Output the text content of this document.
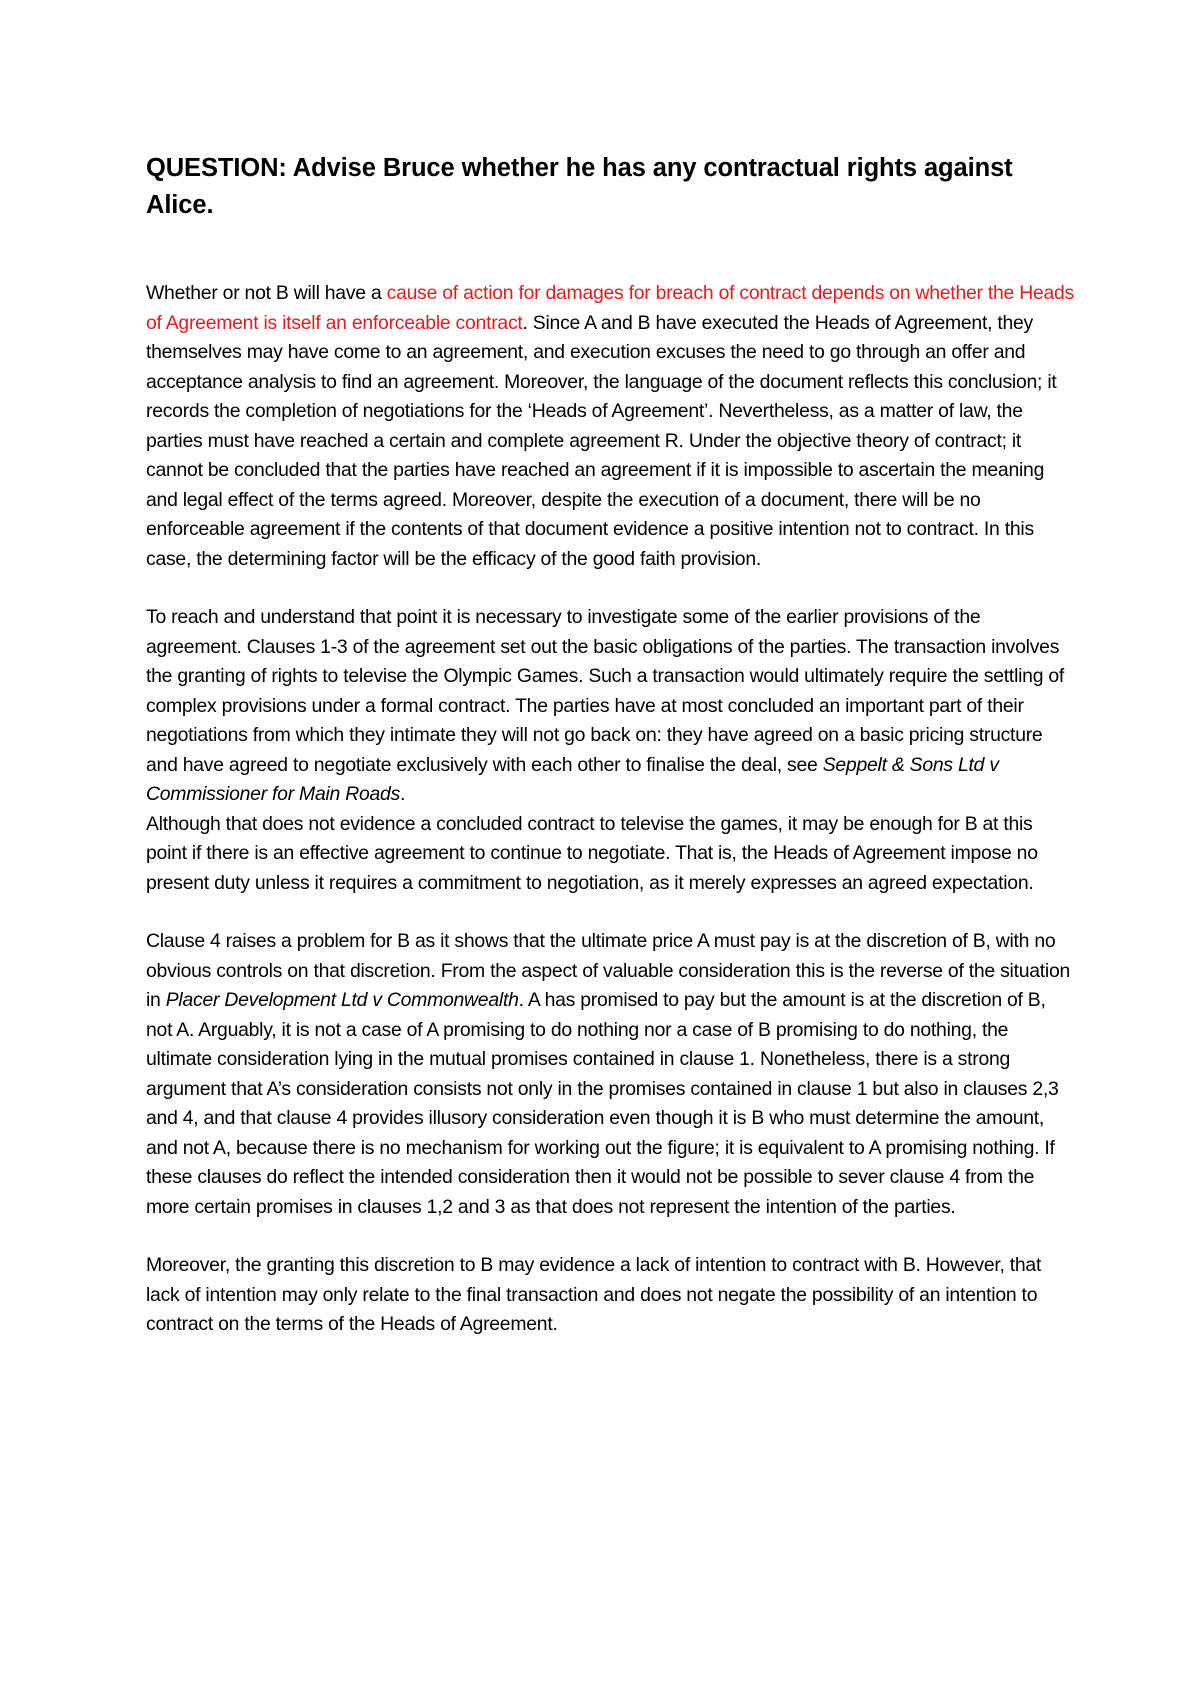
QUESTION: Advise Bruce whether he has any contractual rights against Alice.

Whether or not B will have a cause of action for damages for breach of contract depends on whether the Heads of Agreement is itself an enforceable contract. Since A and B have executed the Heads of Agreement, they themselves may have come to an agreement, and execution excuses the need to go through an offer and acceptance analysis to find an agreement. Moreover, the language of the document reflects this conclusion; it records the completion of negotiations for the ‘Heads of Agreement’. Nevertheless, as a matter of law, the parties must have reached a certain and complete agreement R. Under the objective theory of contract; it cannot be concluded that the parties have reached an agreement if it is impossible to ascertain the meaning and legal effect of the terms agreed. Moreover, despite the execution of a document, there will be no enforceable agreement if the contents of that document evidence a positive intention not to contract. In this case, the determining factor will be the efficacy of the good faith provision.

To reach and understand that point it is necessary to investigate some of the earlier provisions of the agreement. Clauses 1-3 of the agreement set out the basic obligations of the parties. The transaction involves the granting of rights to televise the Olympic Games. Such a transaction would ultimately require the settling of complex provisions under a formal contract. The parties have at most concluded an important part of their negotiations from which they intimate they will not go back on: they have agreed on a basic pricing structure and have agreed to negotiate exclusively with each other to finalise the deal, see Seppelt & Sons Ltd v Commissioner for Main Roads.

Although that does not evidence a concluded contract to televise the games, it may be enough for B at this point if there is an effective agreement to continue to negotiate. That is, the Heads of Agreement impose no present duty unless it requires a commitment to negotiation, as it merely expresses an agreed expectation.

Clause 4 raises a problem for B as it shows that the ultimate price A must pay is at the discretion of B, with no obvious controls on that discretion. From the aspect of valuable consideration this is the reverse of the situation in Placer Development Ltd v Commonwealth. A has promised to pay but the amount is at the discretion of B, not A. Arguably, it is not a case of A promising to do nothing nor a case of B promising to do nothing, the ultimate consideration lying in the mutual promises contained in clause 1. Nonetheless, there is a strong argument that A’s consideration consists not only in the promises contained in clause 1 but also in clauses 2,3 and 4, and that clause 4 provides illusory consideration even though it is B who must determine the amount, and not A, because there is no mechanism for working out the figure; it is equivalent to A promising nothing. If these clauses do reflect the intended consideration then it would not be possible to sever clause 4 from the more certain promises in clauses 1,2 and 3 as that does not represent the intention of the parties.

Moreover, the granting this discretion to B may evidence a lack of intention to contract with B. However, that lack of intention may only relate to the final transaction and does not negate the possibility of an intention to contract on the terms of the Heads of Agreement.
